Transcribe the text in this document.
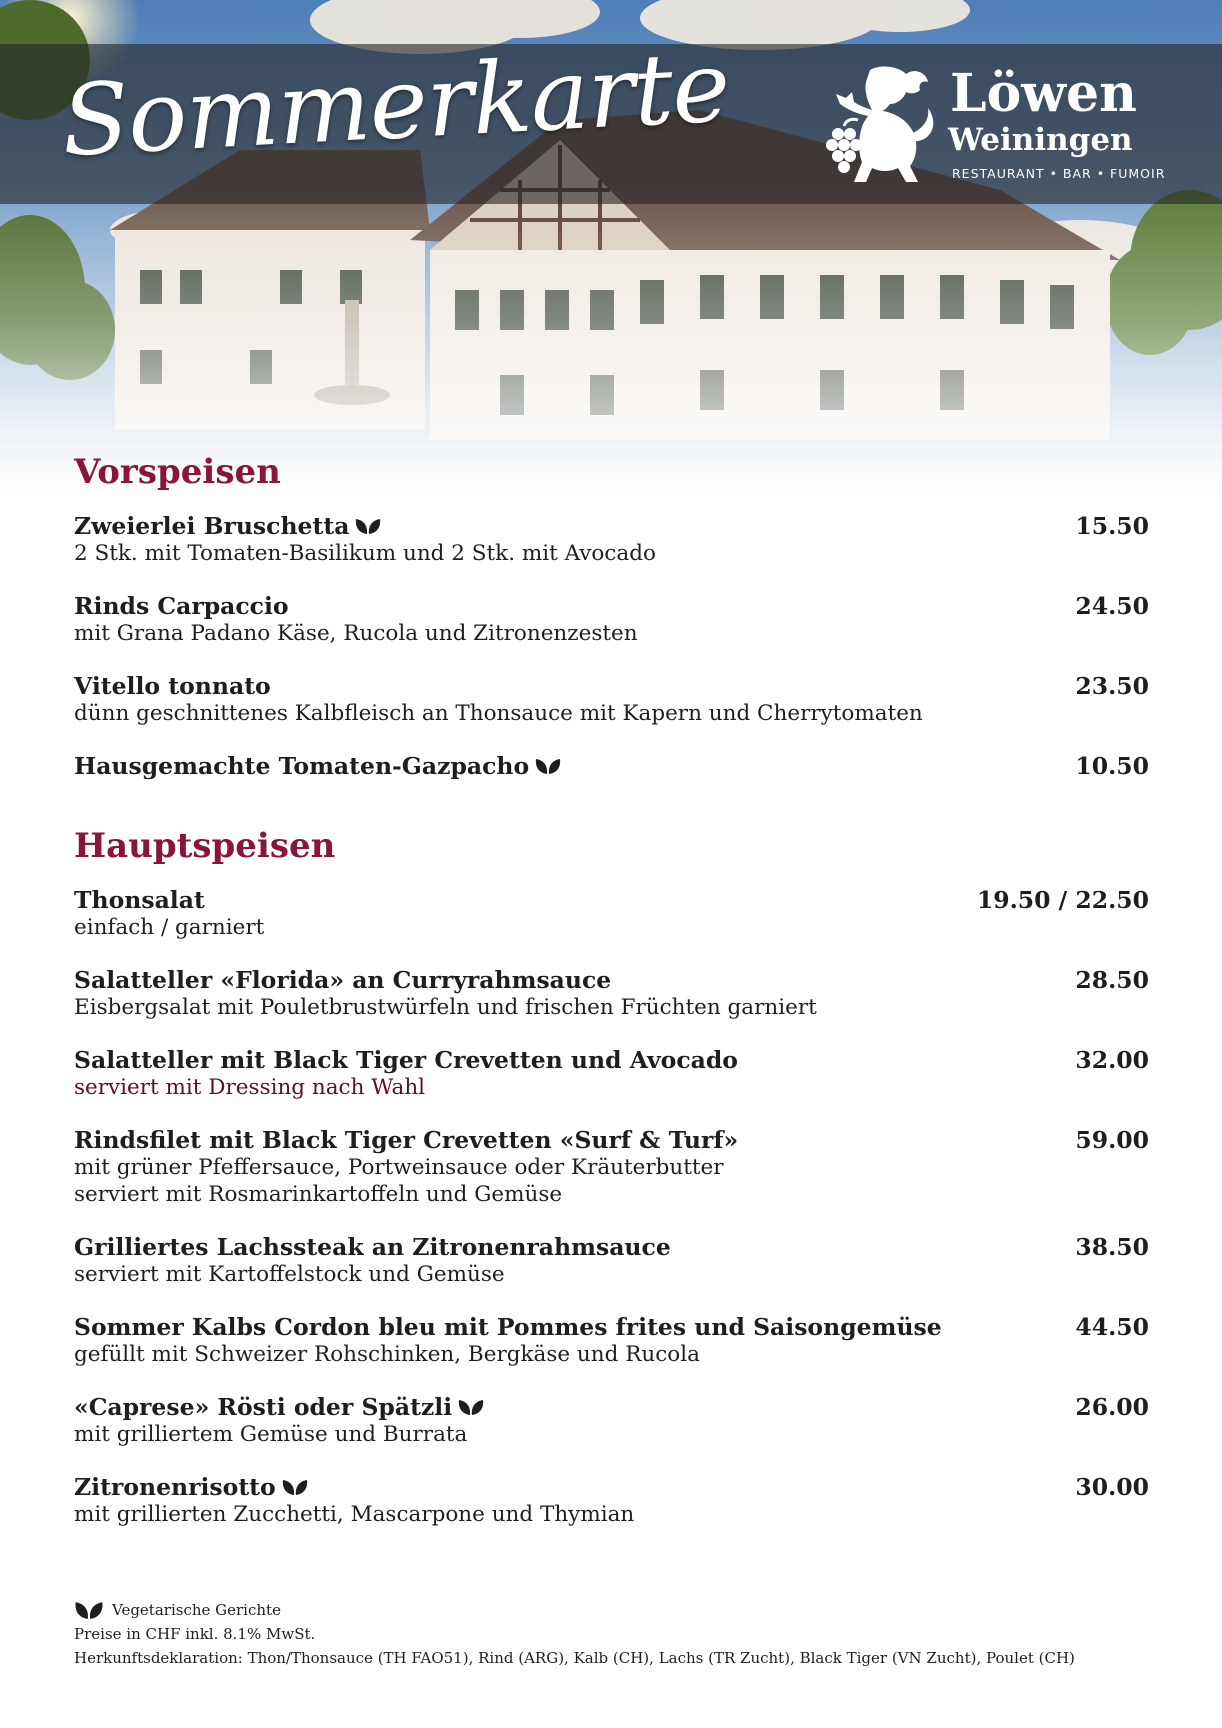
Sommerkarte	Löwen
Weiningen
RESTAURANT • BAR • FUMOIR
Vorspeisen
Zweierlei Bruschetta	15.50
2 Stk. mit Tomaten-Basilikum und 2 Stk. mit Avocado
Rinds Carpaccio	24.50
mit Grana Padano Käse, Rucola und Zitronenzesten
Vitello tonnato	23.50
dünn geschnittenes Kalbfleisch an Thonsauce mit Kapern und Cherrytomaten
Hausgemachte Tomaten-Gazpacho	10.50
Hauptspeisen
Thonsalat	19.50 / 22.50
einfach / garniert
Salatteller «Florida» an Curryrahmsauce	28.50
Eisbergsalat mit Pouletbrustwürfeln und frischen Früchten garniert
Salatteller mit Black Tiger Crevetten und Avocado	32.00
serviert mit Dressing nach Wahl
Rindsfilet mit Black Tiger Crevetten «Surf & Turf»	59.00
mit grüner Pfeffersauce, Portweinsauce oder Kräuterbutter
serviert mit Rosmarinkartoffeln und Gemüse
Grilliertes Lachssteak an Zitronenrahmsauce	38.50
serviert mit Kartoffelstock und Gemüse
Sommer Kalbs Cordon bleu mit Pommes frites und Saisongemüse	44.50
gefüllt mit Schweizer Rohschinken, Bergkäse und Rucola
«Caprese» Rösti oder Spätzli	26.00
mit grilliertem Gemüse und Burrata
Zitronenrisotto	30.00
mit grillierten Zucchetti, Mascarpone und Thymian
Vegetarische Gerichte
Preise in CHF inkl. 8.1% MwSt.
Herkunftsdeklaration: Thon/Thonsauce (TH FAO51), Rind (ARG), Kalb (CH), Lachs (TR Zucht), Black Tiger (VN Zucht), Poulet (CH)
